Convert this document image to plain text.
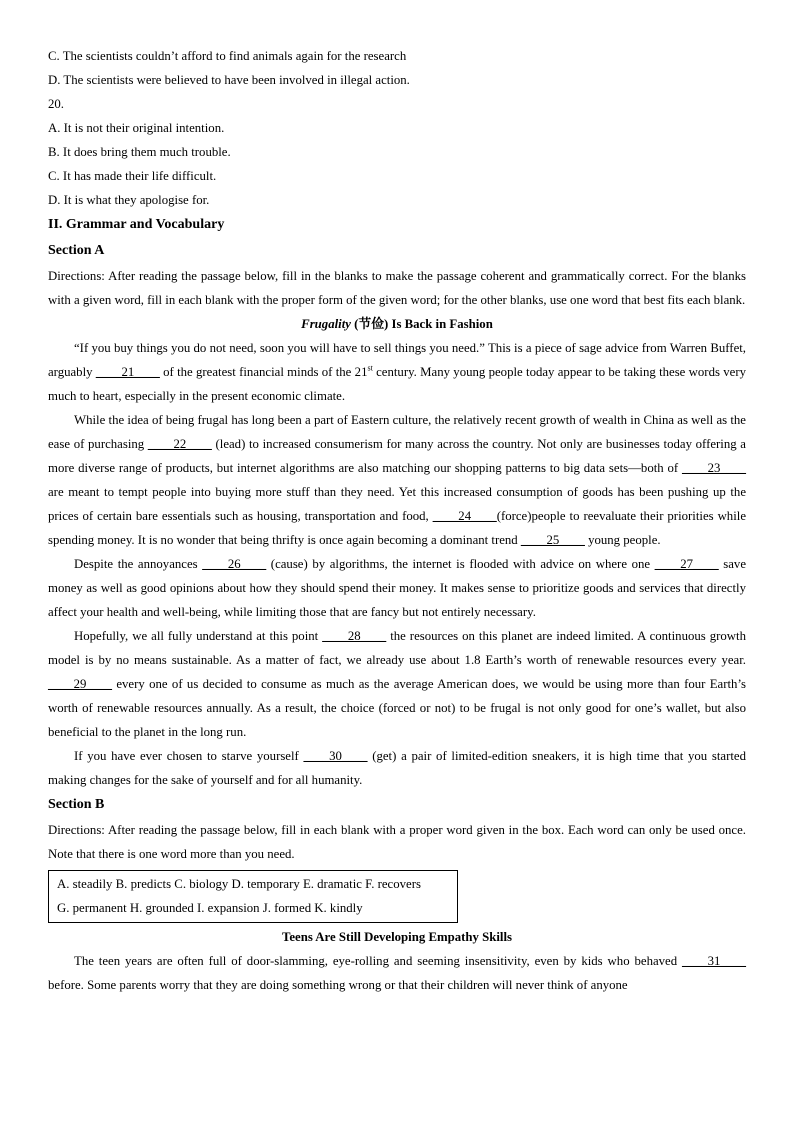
C. The scientists couldn’t afford to find animals again for the research
D. The scientists were believed to have been involved in illegal action.
20.
A. It is not their original intention.
B. It does bring them much trouble.
C. It has made their life difficult.
D. It is what they apologise for.
II. Grammar and Vocabulary
Section A
Directions: After reading the passage below, fill in the blanks to make the passage coherent and grammatically correct. For the blanks with a given word, fill in each blank with the proper form of the given word; for the other blanks, use one word that best fits each blank.
Frugality (节俭) Is Back in Fashion
“If you buy things you do not need, soon you will have to sell things you need.” This is a piece of sage advice from Warren Buffet, arguably ____21____ of the greatest financial minds of the 21st century. Many young people today appear to be taking these words very much to heart, especially in the present economic climate.
While the idea of being frugal has long been a part of Eastern culture, the relatively recent growth of wealth in China as well as the ease of purchasing ____22____ (lead) to increased consumerism for many across the country. Not only are businesses today offering a more diverse range of products, but internet algorithms are also matching our shopping patterns to big data sets—both of ____23____ are meant to tempt people into buying more stuff than they need. Yet this increased consumption of goods has been pushing up the prices of certain bare essentials such as housing, transportation and food, ____24____(force)people to reevaluate their priorities while spending money. It is no wonder that being thrifty is once again becoming a dominant trend ____25____ young people.
Despite the annoyances ____26____ (cause) by algorithms, the internet is flooded with advice on where one ____27____ save money as well as good opinions about how they should spend their money. It makes sense to prioritize goods and services that directly affect your health and well-being, while limiting those that are fancy but not entirely necessary.
Hopefully, we all fully understand at this point ____28____ the resources on this planet are indeed limited. A continuous growth model is by no means sustainable. As a matter of fact, we already use about 1.8 Earth’s worth of renewable resources every year. ____29____ every one of us decided to consume as much as the average American does, we would be using more than four Earth’s worth of renewable resources annually. As a result, the choice (forced or not) to be frugal is not only good for one’s wallet, but also beneficial to the planet in the long run.
If you have ever chosen to starve yourself ____30____ (get) a pair of limited-edition sneakers, it is high time that you started making changes for the sake of yourself and for all humanity.
Section B
Directions: After reading the passage below, fill in each blank with a proper word given in the box. Each word can only be used once. Note that there is one word more than you need.
A. steadily B. predicts C. biology D. temporary E. dramatic F. recovers
G. permanent H. grounded I. expansion J. formed K. kindly
Teens Are Still Developing Empathy Skills
The teen years are often full of door-slamming, eye-rolling and seeming insensitivity, even by kids who behaved ____31____ before. Some parents worry that they are doing something wrong or that their children will never think of anyone
